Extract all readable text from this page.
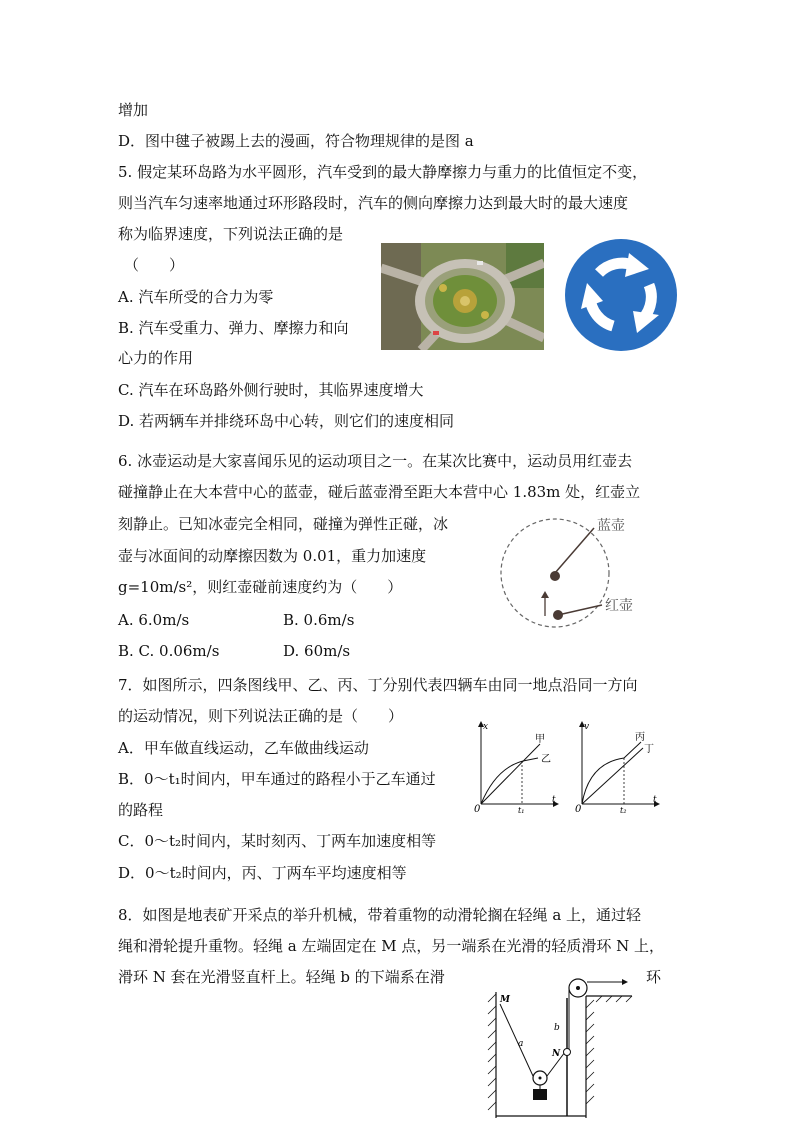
增加
D．图中毽子被踢上去的漫画，符合物理规律的是图 a
5. 假定某环岛路为水平圆形，汽车受到的最大静摩擦力与重力的比值恒定不变，
则当汽车匀速率地通过环形路段时，汽车的侧向摩擦力达到最大时的最大速度
称为临界速度，下列说法正确的是
（　　）
A. 汽车所受的合力为零
B. 汽车受重力、弹力、摩擦力和向
心力的作用
C. 汽车在环岛路外侧行驶时，其临界速度增大
D. 若两辆车并排绕环岛中心转，则它们的速度相同
6. 冰壶运动是大家喜闻乐见的运动项目之一。在某次比赛中，运动员用红壶去
碰撞静止在大本营中心的蓝壶，碰后蓝壶滑至距大本营中心 1.83m 处，红壶立
刻静止。已知冰壶完全相同，碰撞为弹性正碰，冰
壶与冰面间的动摩擦因数为 0.01，重力加速度
g=10m/s²，则红壶碰前速度约为（　　）
A. 6.0m/s	B. 0.6m/s
B. C. 0.06m/s	D. 60m/s
7．如图所示，四条图线甲、乙、丙、丁分别代表四辆车由同一地点沿同一方向
的运动情况，则下列说法正确的是（　　）
A．甲车做直线运动，乙车做曲线运动
B．0～t₁时间内，甲车通过的路程小于乙车通过
的路程
C．0～t₂时间内，某时刻丙、丁两车加速度相等
D．0～t₂时间内，丙、丁两车平均速度相等
8．如图是地表矿开采点的举升机械，带着重物的动滑轮搁在轻绳 a 上，通过轻
绳和滑轮提升重物。轻绳 a 左端固定在 M 点，另一端系在光滑的轻质滑环 N 上，
滑环 N 套在光滑竖直杆上。轻绳 b 的下端系在滑	环
蓝壶
红壶
x
t
0	t₁
甲
乙
v
t
0	t₂
丙
丁
M
a
b
N
